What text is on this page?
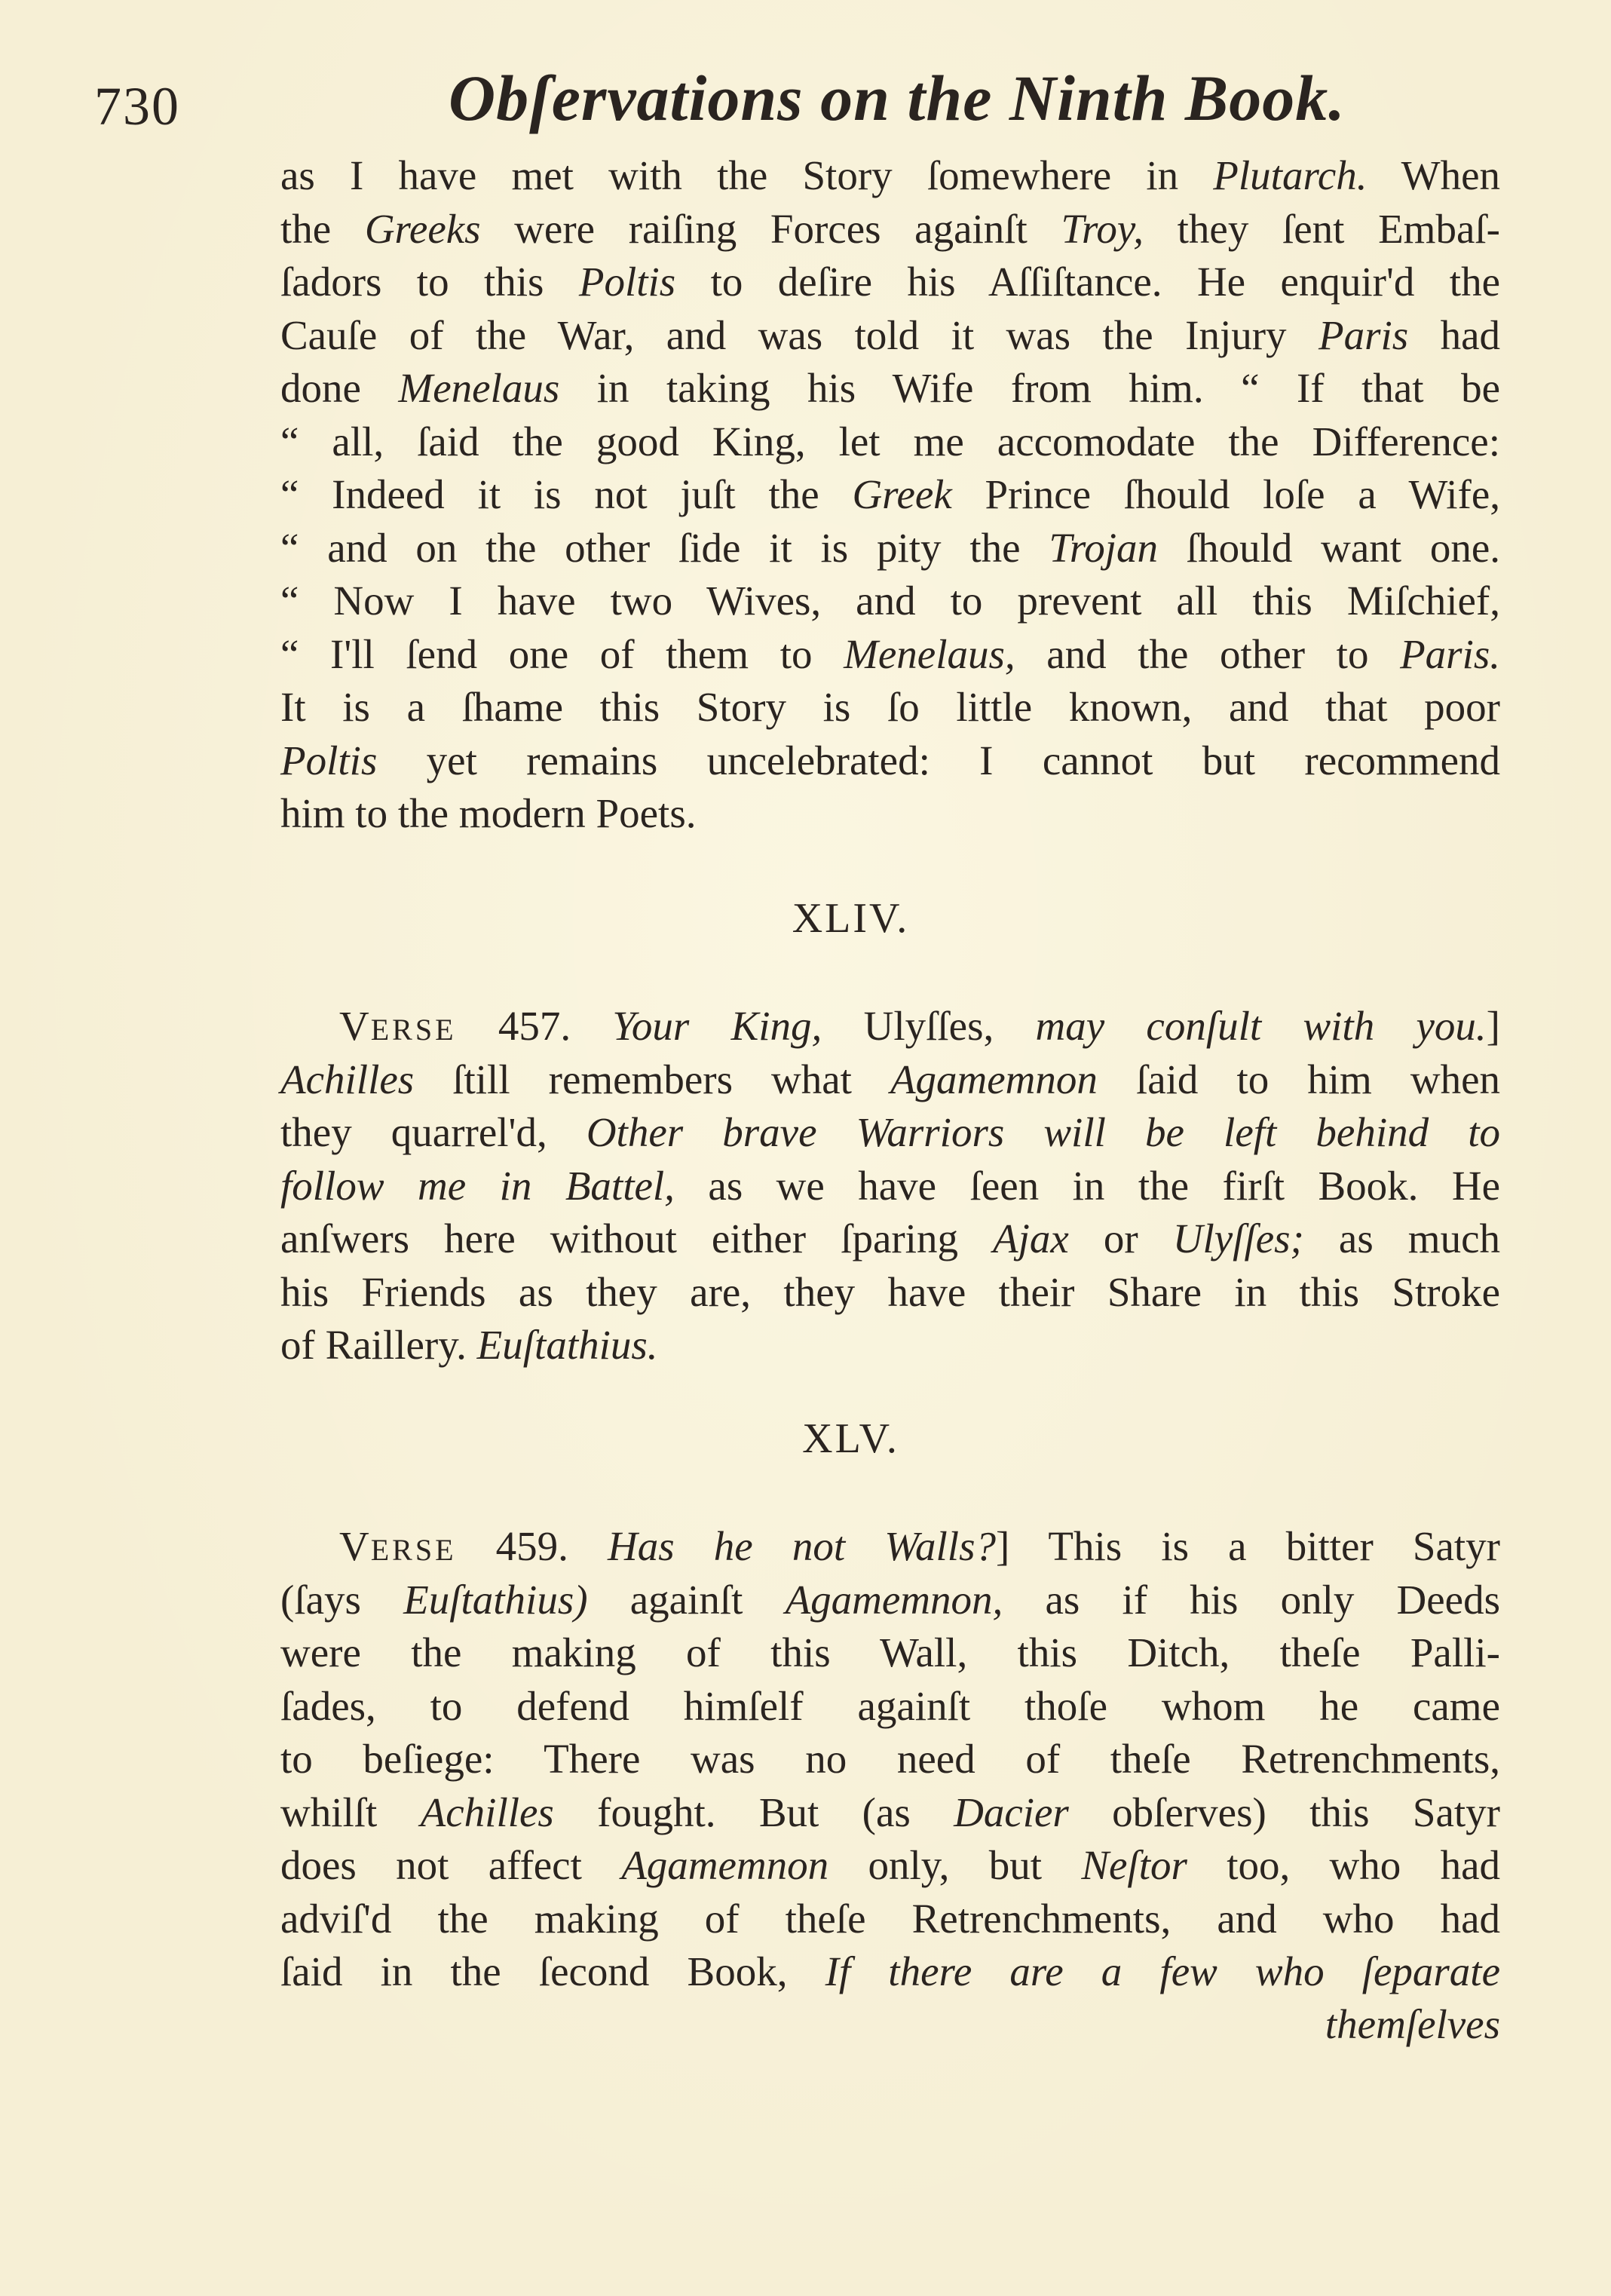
730	Obſervations on the Ninth Book.
as I have met with the Story ſomewhere in Plutarch. When
the Greeks were raiſing Forces againſt Troy, they ſent Embaſ-
ſadors to this Poltis to deſire his Aſſiſtance. He enquir'd the
Cauſe of the War, and was told it was the Injury Paris had
done Menelaus in taking his Wife from him. “ If that be
“ all, ſaid the good King, let me accomodate the Difference:
“ Indeed it is not juſt the Greek Prince ſhould loſe a Wife,
“ and on the other ſide it is pity the Trojan ſhould want one.
“ Now I have two Wives, and to prevent all this Miſchief,
“ I'll ſend one of them to Menelaus, and the other to Paris.
It is a ſhame this Story is ſo little known, and that poor
Poltis yet remains uncelebrated: I cannot but recommend
him to the modern Poets.
XLIV.
VERSE 457. Your King, Ulyſſes, may conſult with you.]
Achilles ſtill remembers what Agamemnon ſaid to him when
they quarrel'd, Other brave Warriors will be left behind to
follow me in Battel, as we have ſeen in the firſt Book. He
anſwers here without either ſparing Ajax or Ulyſſes; as much
his Friends as they are, they have their Share in this Stroke
of Raillery. Euſtathius.
XLV.
VERSE 459. Has he not Walls?] This is a bitter Satyr
(ſays Euſtathius) againſt Agamemnon, as if his only Deeds
were the making of this Wall, this Ditch, theſe Palli-
ſades, to defend himſelf againſt thoſe whom he came
to beſiege: There was no need of theſe Retrenchments,
whilſt Achilles fought. But (as Dacier obſerves) this Satyr
does not affect Agamemnon only, but Neſtor too, who had
adviſ'd the making of theſe Retrenchments, and who had
ſaid in the ſecond Book, If there are a few who ſeparate
themſelves
